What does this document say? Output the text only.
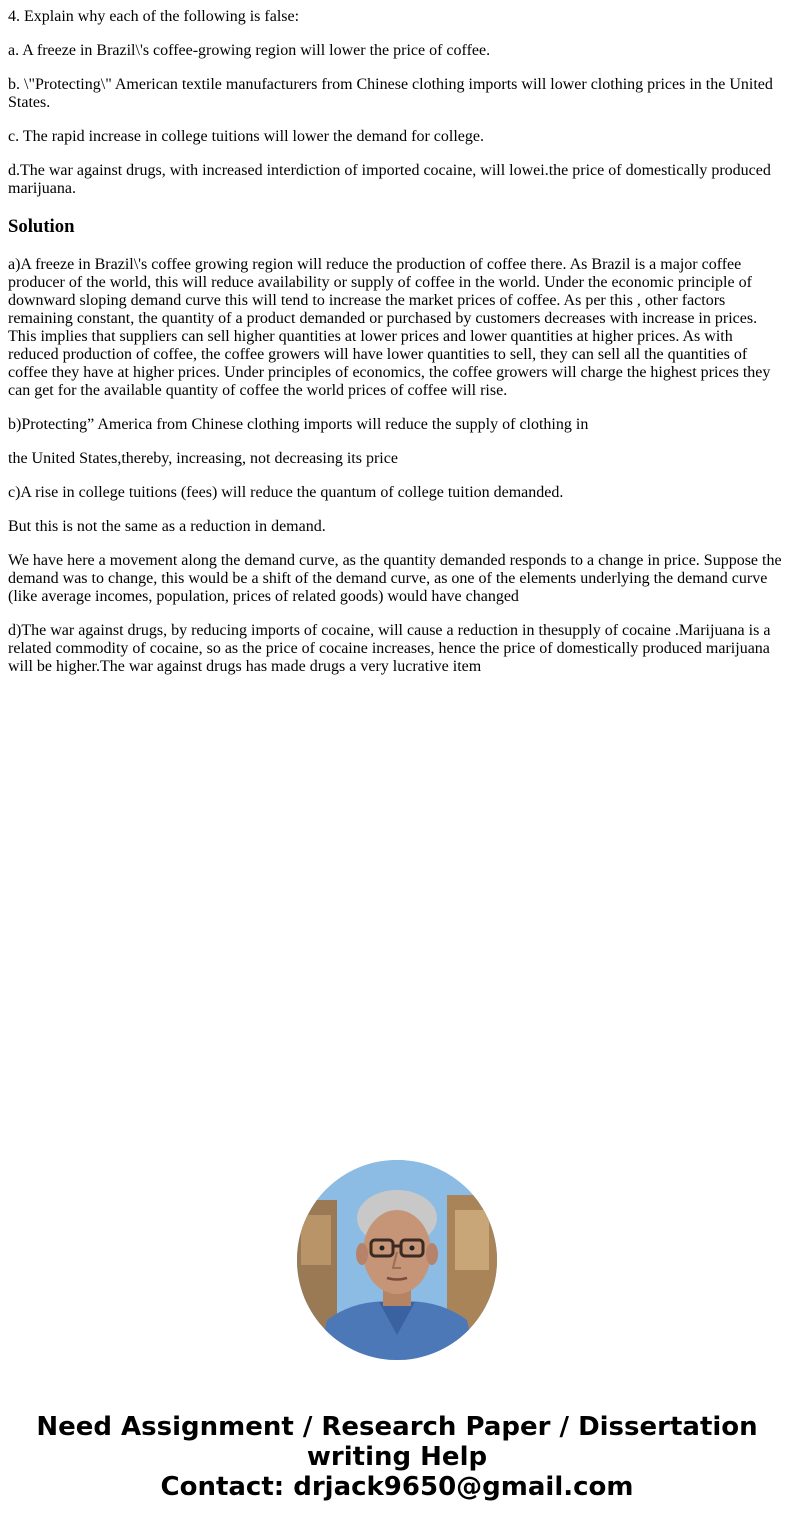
4. Explain why each of the following is false:

a. A freeze in Brazil\'s coffee-growing region will lower the price of coffee.

b. \"Protecting\" American textile manufacturers from Chinese clothing imports will lower clothing prices in the United States.

c. The rapid increase in college tuitions will lower the demand for college.

d.The war against drugs, with increased interdiction of imported cocaine, will lowei.the price of domestically produced marijuana.

Solution

a)A freeze in Brazil\'s coffee growing region will reduce the production of coffee there. As Brazil is a major coffee producer of the world, this will reduce availability or supply of coffee in the world. Under the economic principle of downward sloping demand curve this will tend to increase the market prices of coffee. As per this , other factors remaining constant, the quantity of a product demanded or purchased by customers decreases with increase in prices. This implies that suppliers can sell higher quantities at lower prices and lower quantities at higher prices. As with reduced production of coffee, the coffee growers will have lower quantities to sell, they can sell all the quantities of coffee they have at higher prices. Under principles of economics, the coffee growers will charge the highest prices they can get for the available quantity of coffee the world prices of coffee will rise.

b)Protecting” America from Chinese clothing imports will reduce the supply of clothing in

the United States,thereby, increasing, not decreasing its price

c)A rise in college tuitions (fees) will reduce the quantum of college tuition demanded.

But this is not the same as a reduction in demand.

We have here a movement along the demand curve, as the quantity demanded responds to a change in price. Suppose the demand was to change, this would be a shift of the demand curve, as one of the elements underlying the demand curve (like average incomes, population, prices of related goods) would have changed

d)The war against drugs, by reducing imports of cocaine, will cause a reduction in thesupply of cocaine .Marijuana is a related commodity of cocaine, so as the price of cocaine increases, hence the price of domestically produced marijuana will be higher.The war against drugs has made drugs a very lucrative item

Need Assignment / Research Paper / Dissertation
writing Help
Contact: drjack9650@gmail.com
